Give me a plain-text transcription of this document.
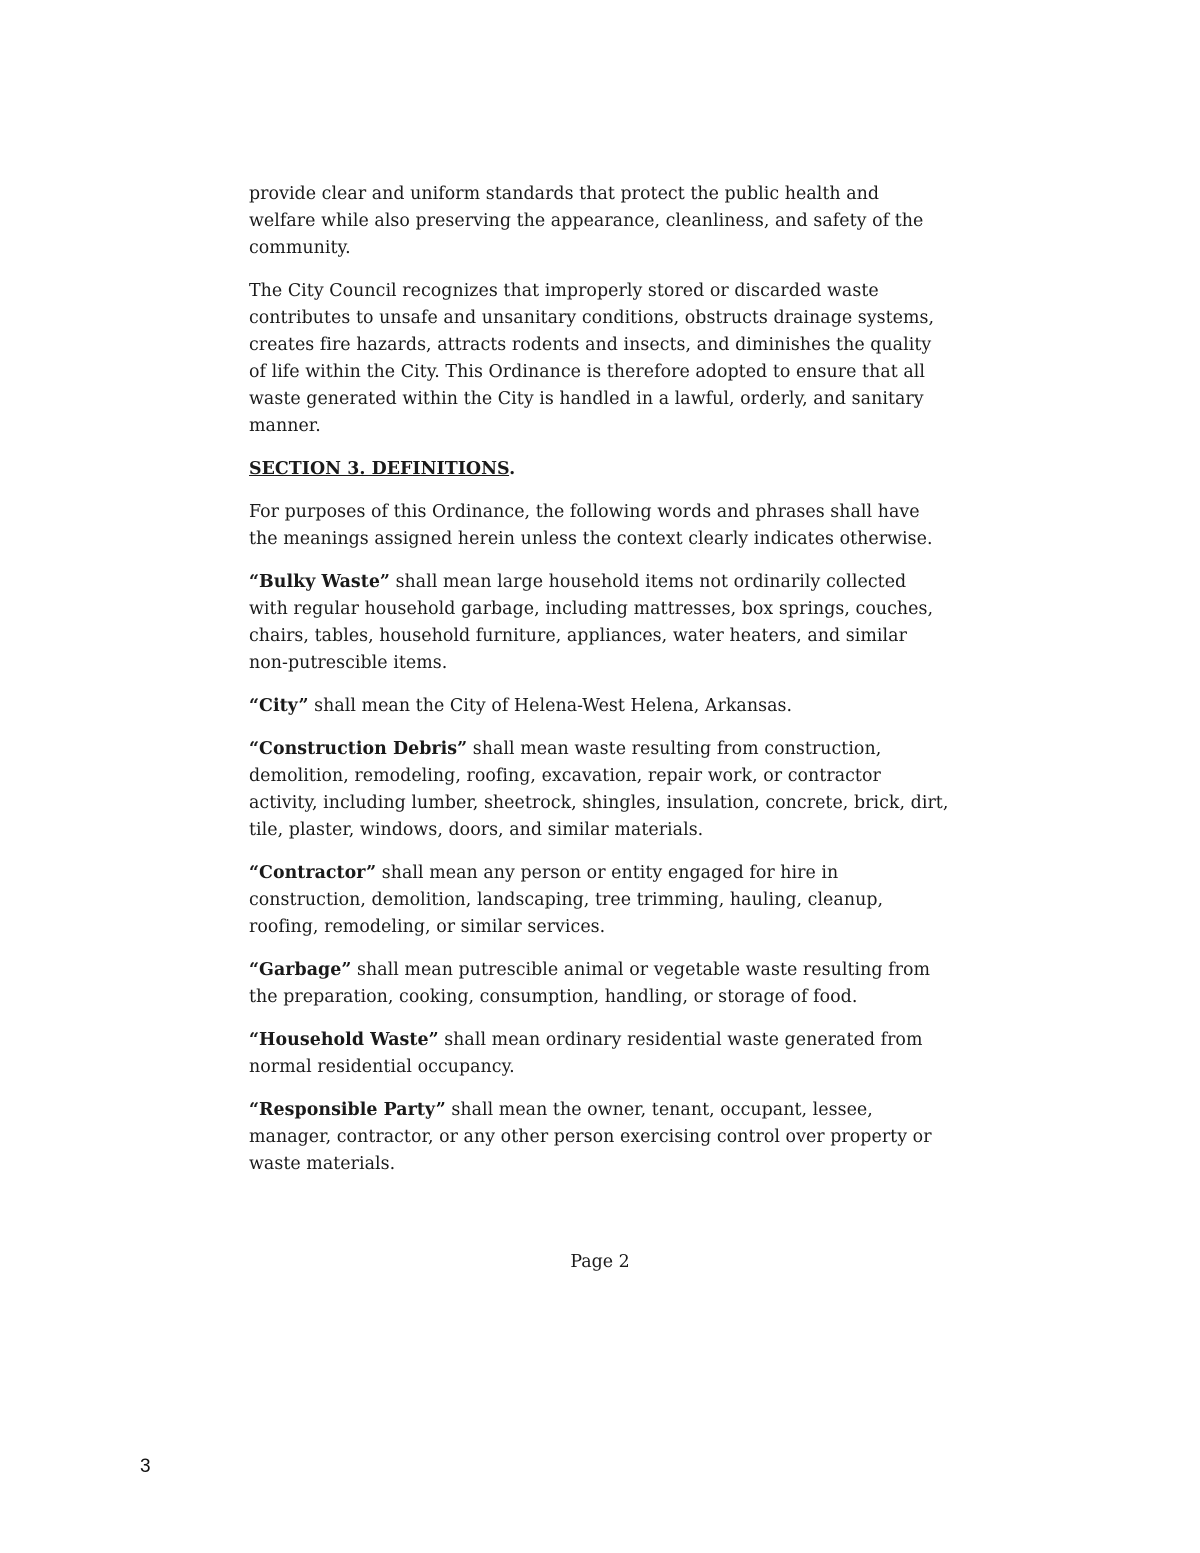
provide clear and uniform standards that protect the public health and welfare while also preserving the appearance, cleanliness, and safety of the community.

The City Council recognizes that improperly stored or discarded waste contributes to unsafe and unsanitary conditions, obstructs drainage systems, creates fire hazards, attracts rodents and insects, and diminishes the quality of life within the City. This Ordinance is therefore adopted to ensure that all waste generated within the City is handled in a lawful, orderly, and sanitary manner.

SECTION 3. DEFINITIONS.

For purposes of this Ordinance, the following words and phrases shall have the meanings assigned herein unless the context clearly indicates otherwise.

“Bulky Waste” shall mean large household items not ordinarily collected with regular household garbage, including mattresses, box springs, couches, chairs, tables, household furniture, appliances, water heaters, and similar non-putrescible items.

“City” shall mean the City of Helena-West Helena, Arkansas.

“Construction Debris” shall mean waste resulting from construction, demolition, remodeling, roofing, excavation, repair work, or contractor activity, including lumber, sheetrock, shingles, insulation, concrete, brick, dirt, tile, plaster, windows, doors, and similar materials.

“Contractor” shall mean any person or entity engaged for hire in construction, demolition, landscaping, tree trimming, hauling, cleanup, roofing, remodeling, or similar services.

“Garbage” shall mean putrescible animal or vegetable waste resulting from the preparation, cooking, consumption, handling, or storage of food.

“Household Waste” shall mean ordinary residential waste generated from normal residential occupancy.

“Responsible Party” shall mean the owner, tenant, occupant, lessee, manager, contractor, or any other person exercising control over property or waste materials.

Page 2
3
